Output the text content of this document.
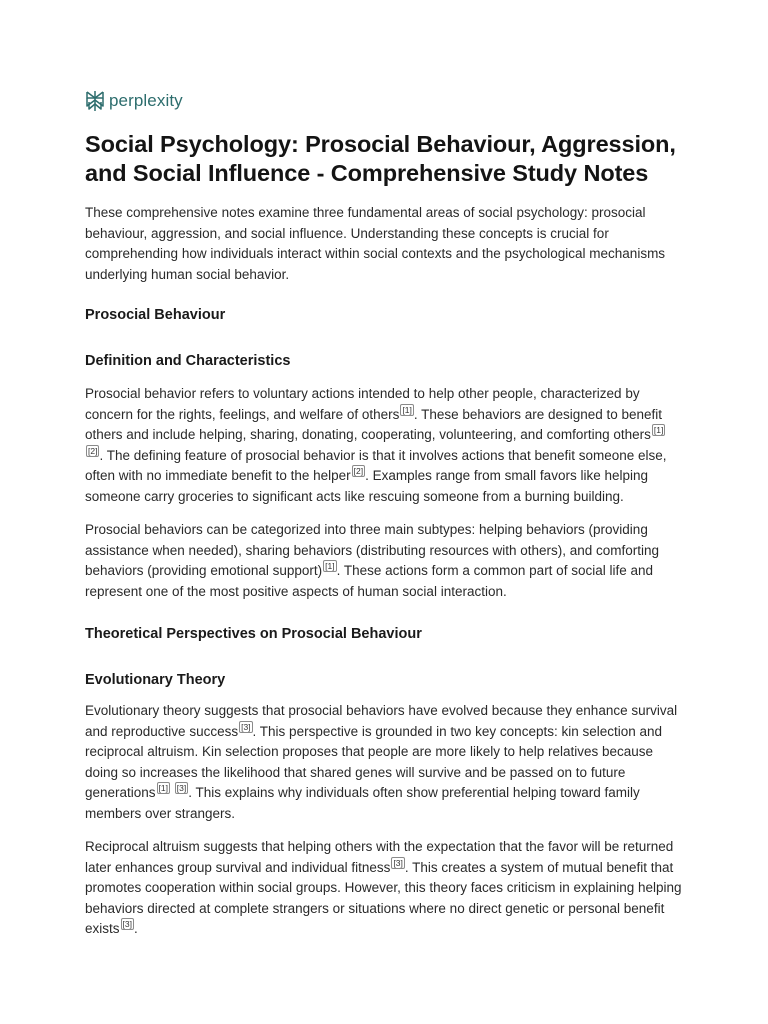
perplexity
Social Psychology: Prosocial Behaviour, Aggression, and Social Influence - Comprehensive Study Notes

These comprehensive notes examine three fundamental areas of social psychology: prosocial behaviour, aggression, and social influence. Understanding these concepts is crucial for comprehending how individuals interact within social contexts and the psychological mechanisms underlying human social behavior.

Prosocial Behaviour
Definition and Characteristics

Prosocial behavior refers to voluntary actions intended to help other people, characterized by concern for the rights, feelings, and welfare of others [1] . These behaviors are designed to benefit others and include helping, sharing, donating, cooperating, volunteering, and comforting others [1] [2] . The defining feature of prosocial behavior is that it involves actions that benefit someone else, often with no immediate benefit to the helper [2] . Examples range from small favors like helping someone carry groceries to significant acts like rescuing someone from a burning building.

Prosocial behaviors can be categorized into three main subtypes: helping behaviors (providing assistance when needed), sharing behaviors (distributing resources with others), and comforting behaviors (providing emotional support) [1] . These actions form a common part of social life and represent one of the most positive aspects of human social interaction.

Theoretical Perspectives on Prosocial Behaviour
Evolutionary Theory

Evolutionary theory suggests that prosocial behaviors have evolved because they enhance survival and reproductive success [3] . This perspective is grounded in two key concepts: kin selection and reciprocal altruism. Kin selection proposes that people are more likely to help relatives because doing so increases the likelihood that shared genes will survive and be passed on to future generations [1] [3] . This explains why individuals often show preferential helping toward family members over strangers.

Reciprocal altruism suggests that helping others with the expectation that the favor will be returned later enhances group survival and individual fitness [3] . This creates a system of mutual benefit that promotes cooperation within social groups. However, this theory faces criticism in explaining helping behaviors directed at complete strangers or situations where no direct genetic or personal benefit exists [3] .
